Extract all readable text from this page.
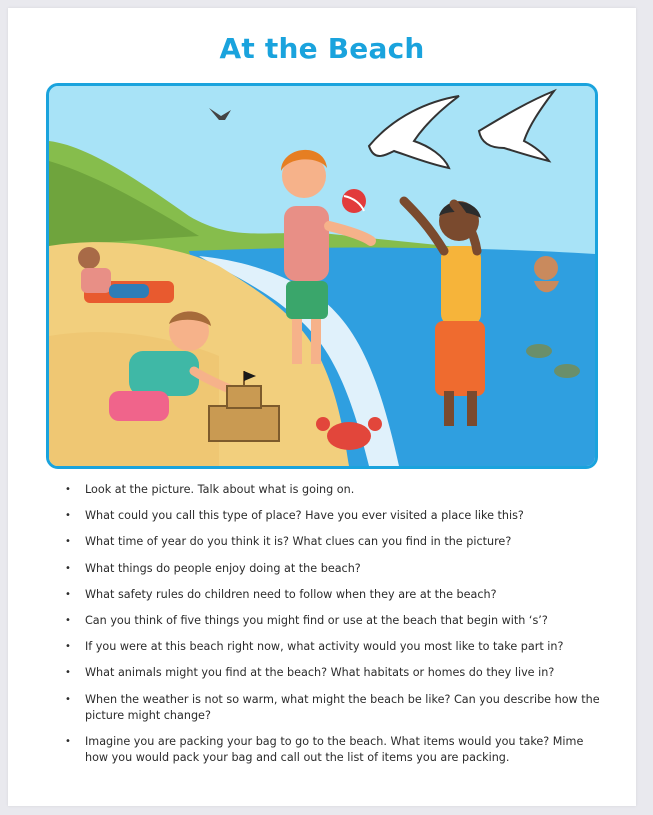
At the Beach
• Look at the picture. Talk about what is going on.
• What could you call this type of place? Have you ever visited a place like this?
• What time of year do you think it is? What clues can you find in the picture?
• What things do people enjoy doing at the beach?
• What safety rules do children need to follow when they are at the beach?
• Can you think of five things you might find or use at the beach that begin with ‘s’?
• If you were at this beach right now, what activity would you most like to take part in?
• What animals might you find at the beach? What habitats or homes do they live in?
• When the weather is not so warm, what might the beach be like? Can you describe how the picture might change?
• Imagine you are packing your bag to go to the beach. What items would you take? Mime how you would pack your bag and call out the list of items you are packing.
